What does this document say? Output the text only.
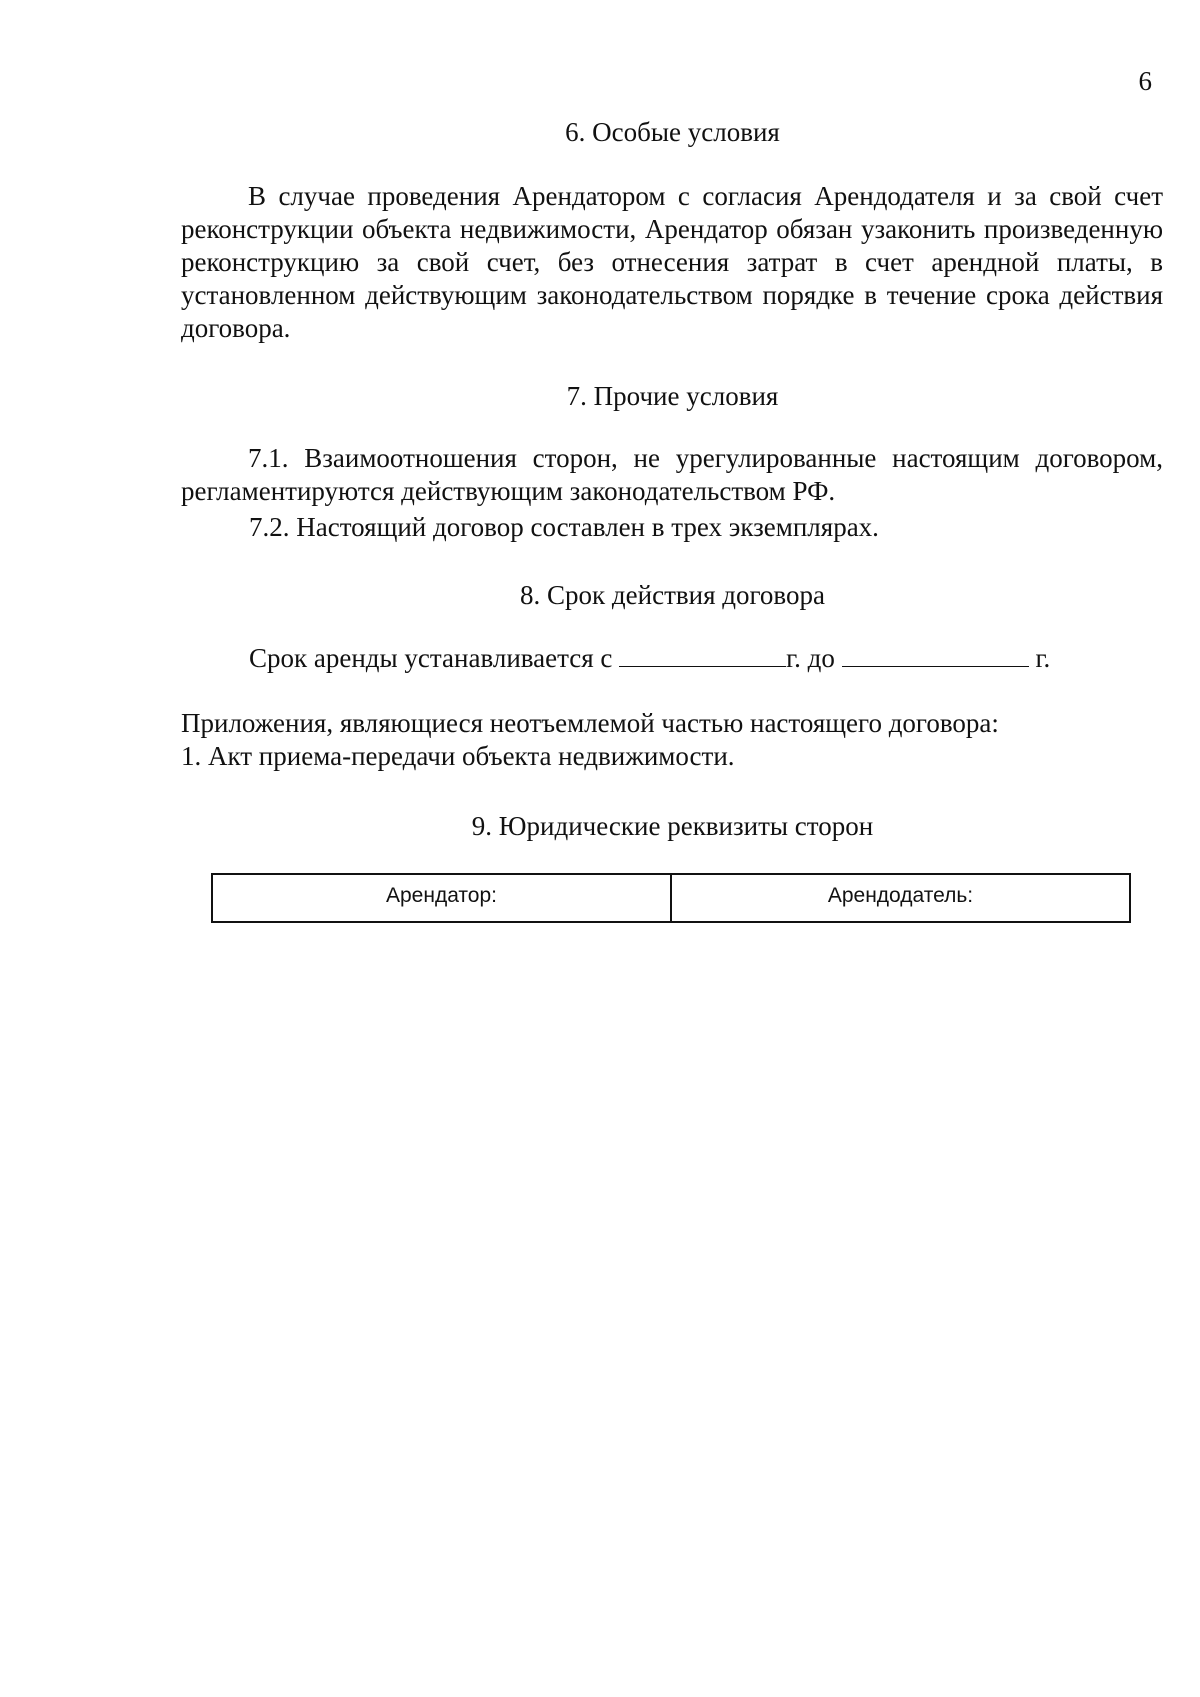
6
6. Особые условия
В случае проведения Арендатором с согласия Арендодателя и за свой счет реконструкции объекта недвижимости, Арендатор обязан узаконить произведенную реконструкцию за свой счет, без отнесения затрат в счет арендной платы, в установленном действующим законодательством порядке в течение срока действия договора.
7. Прочие условия
7.1. Взаимоотношения сторон, не урегулированные настоящим договором, регламентируются действующим законодательством РФ.
7.2. Настоящий договор составлен в трех экземплярах.
8. Срок действия договора
Срок аренды устанавливается с	г. до	г.
Приложения, являющиеся неотъемлемой частью настоящего договора:
1. Акт приема-передачи объекта недвижимости.
9. Юридические реквизиты сторон
Арендатор:	Арендодатель:
